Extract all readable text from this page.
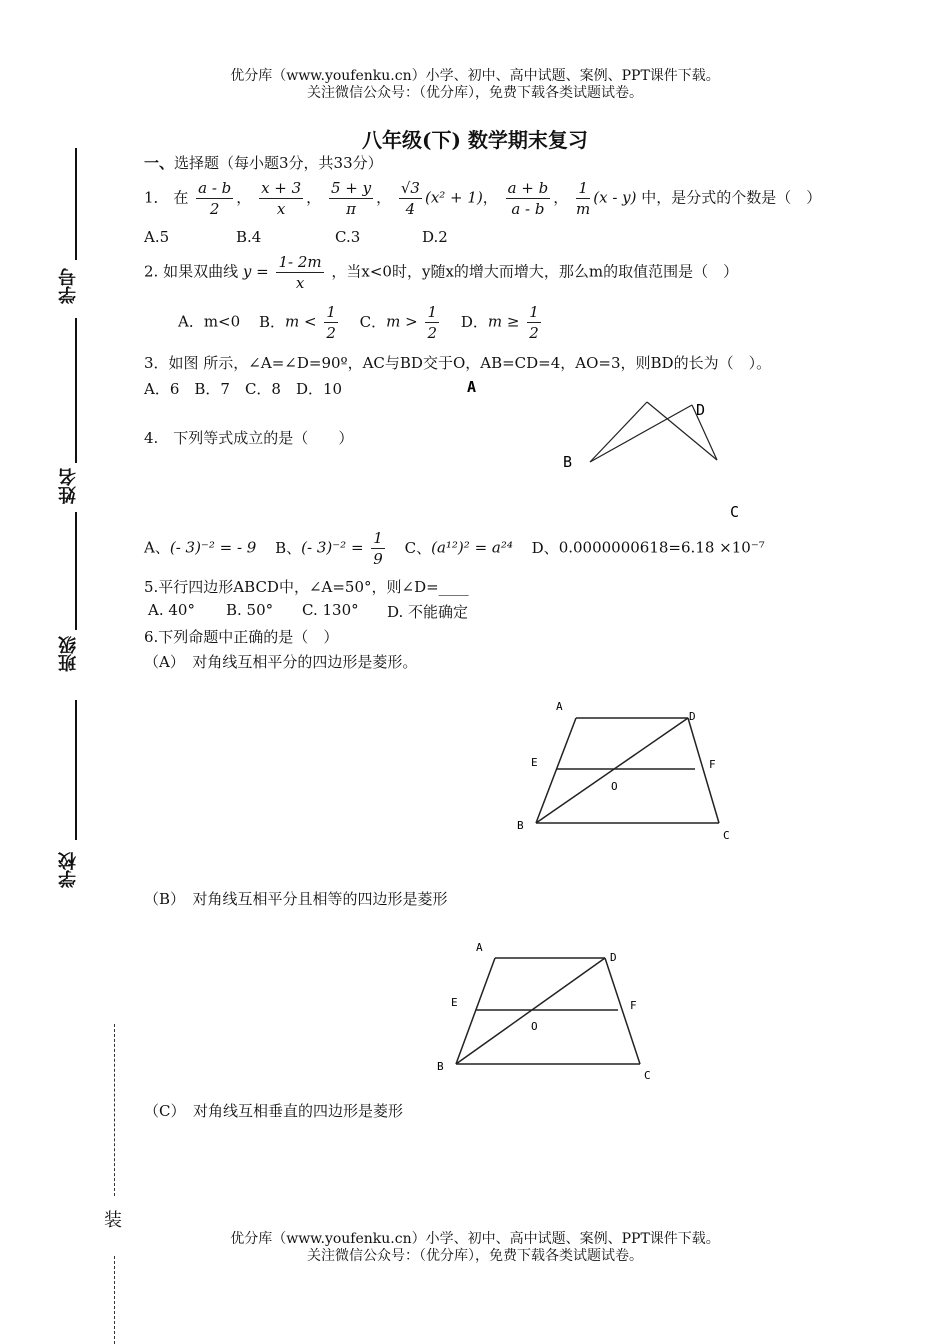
优分库（www.youfenku.cn）小学、初中、高中试题、案例、PPT课件下载。
关注微信公众号：（优分库），免费下载各类试题试卷。
八年级(下) 数学期末复习
学号
姓名
班级
学校
装
一、选择题（每小题3分，共33分）
1． 在 $\frac{a - b}{2}$ ， $\frac{x + 3}{x}$ ， $\frac{5 + y}{\pi}$ ， $\frac{√3}{4} (x^2 + 1)$， $\frac{a + b}{a - b}$ ， $\frac{1}{m} (x - y)$ 中，是分式的个数是（　）
A.5	B.4	C.3	D.2
2. 如果双曲线 $y = \frac{1- 2m}{x}$ ，当x<0时，y随x的增大而增大，那么m的取值范围是（　）
A．m<0 B．$m < \frac{1}{2}$ C．$m > \frac{1}{2}$ D．$m \ge \frac{1}{2}$
3．如图 所示，∠A=∠D=90º，AC与BD交于O，AB=CD=4，AO=3，则BD的长为（　）。
A．6　B．7　C．8　D．10	A
D
B
C
4.　下列等式成立的是（　　）
A、(- 3)⁻² = - 9 B、(- $3)^{-2} = \frac{1}{9}$ C、(a¹²)² = a²⁴ D、0.0000000618=6.18 ×10⁻⁷
5.平行四边形ABCD中，∠A=50°，则∠D=____
A. 40° B. 50° C. 130° D. 不能确定
6.下列命题中正确的是（　）
（A）　对角线互相平分的四边形是菱形。
A
D
E	F
O
B
C
（B）　对角线互相平分且相等的四边形是菱形
A
D
E	F
O
B
C
（C）　对角线互相垂直的四边形是菱形
优分库（www.youfenku.cn）小学、初中、高中试题、案例、PPT课件下载。
关注微信公众号：（优分库），免费下载各类试题试卷。
